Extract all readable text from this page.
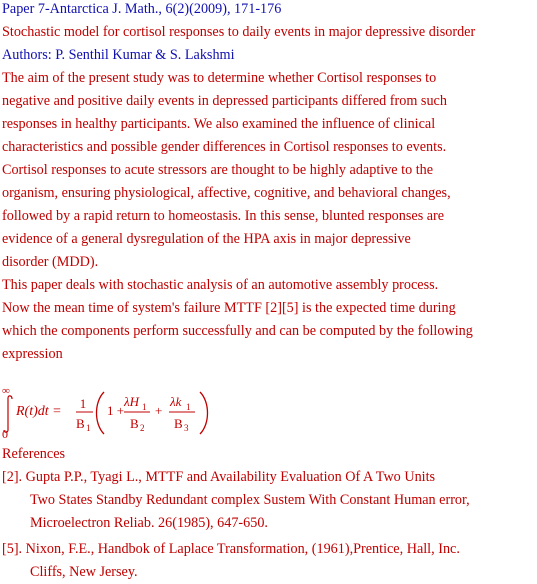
Paper 7-Antarctica J. Math., 6(2)(2009), 171-176
Stochastic model for cortisol responses to daily events in major depressive disorder
Authors: P. Senthil Kumar & S. Lakshmi
The aim of the present study was to determine whether Cortisol responses to
negative and positive daily events in depressed participants differed from such
responses in healthy participants. We also examined the influence of clinical
characteristics and possible gender differences in Cortisol responses to events.
Cortisol responses to acute stressors are thought to be highly adaptive to the
organism, ensuring physiological, affective, cognitive, and behavioral changes,
followed by a rapid return to homeostasis. In this sense, blunted responses are
evidence of a general dysregulation of the HPA axis in major depressive
disorder (MDD).
This paper deals with stochastic analysis of an automotive assembly process.
Now the mean time of system's failure MTTF [2][5] is the expected time during
which the components perform successfully and can be computed by the following
expression
∞
0
R(t)dt =
1
B 1
1 +
λH 1
B 2
+
λk 1
B 3
References
[2]. Gupta P.P., Tyagi L., MTTF and Availability Evaluation Of A Two Units
Two States Standby Redundant complex Sustem With Constant Human error,
Microelectron Reliab. 26(1985), 647-650.
[5]. Nixon, F.E., Handbok of Laplace Transformation, (1961),Prentice, Hall, Inc.
Cliffs, New Jersey.
